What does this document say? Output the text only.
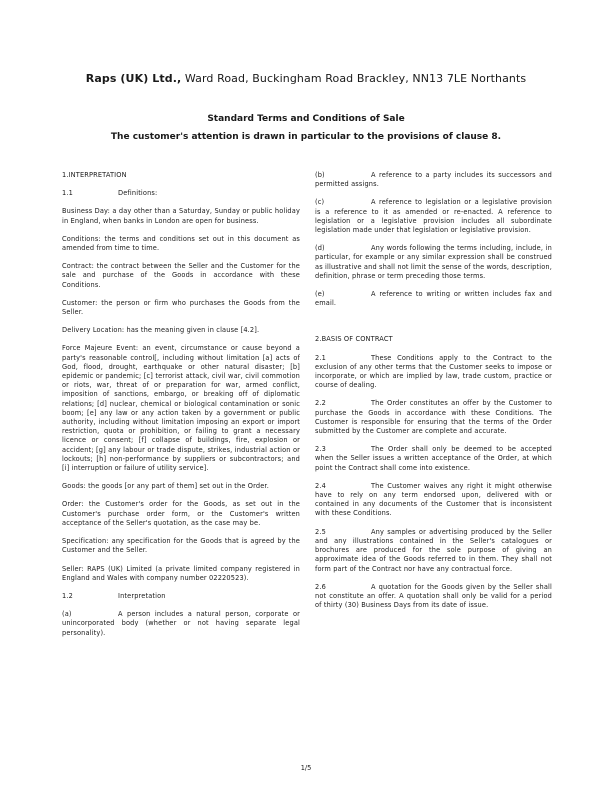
Raps (UK) Ltd., Ward Road, Buckingham Road Brackley, NN13 7LE Northants
Standard Terms and Conditions of Sale
The customer's attention is drawn in particular to the provisions of clause 8.

1.INTERPRETATION

1.1	Definitions:

Business Day: a day other than a Saturday, Sunday or public holiday in England, when banks in London are open for business.

Conditions: the terms and conditions set out in this document as amended from time to time.

Contract: the contract between the Seller and the Customer for the sale and purchase of the Goods in accordance with these Conditions.

Customer: the person or firm who purchases the Goods from the Seller.

Delivery Location: has the meaning given in clause [4.2].

Force Majeure Event: an event, circumstance or cause beyond a party's reasonable control[, including without limitation [a] acts of God, flood, drought, earthquake or other natural disaster; [b] epidemic or pandemic; [c] terrorist attack, civil war, civil commotion or riots, war, threat of or preparation for war, armed conflict, imposition of sanctions, embargo, or breaking off of diplomatic relations; [d] nuclear, chemical or biological contamination or sonic boom; [e] any law or any action taken by a government or public authority, including without limitation imposing an export or import restriction, quota or prohibition, or failing to grant a necessary licence or consent; [f] collapse of buildings, fire, explosion or accident; [g] any labour or trade dispute, strikes, industrial action or lockouts; [h] non-performance by suppliers or subcontractors; and [i] interruption or failure of utility service].

Goods: the goods [or any part of them] set out in the Order.

Order: the Customer's order for the Goods, as set out in the Customer's purchase order form, or the Customer's written acceptance of the Seller's quotation, as the case may be.

Specification: any specification for the Goods that is agreed by the Customer and the Seller.

Seller: RAPS (UK) Limited (a private limited company registered in England and Wales with company number 02220523).

1.2	Interpretation

(a)	A person includes a natural person, corporate or unincorporated body (whether or not having separate legal personality).

(b)	A reference to a party includes its successors and permitted assigns.

(c)	A reference to legislation or a legislative provision is a reference to it as amended or re-enacted. A reference to legislation or a legislative provision includes all subordinate legislation made under that legislation or legislative provision.

(d)	Any words following the terms including, include, in particular, for example or any similar expression shall be construed as illustrative and shall not limit the sense of the words, description, definition, phrase or term preceding those terms.

(e)	A reference to writing or written includes fax and email.

2.BASIS OF CONTRACT

2.1	These Conditions apply to the Contract to the exclusion of any other terms that the Customer seeks to impose or incorporate, or which are implied by law, trade custom, practice or course of dealing.

2.2	The Order constitutes an offer by the Customer to purchase the Goods in accordance with these Conditions. The Customer is responsible for ensuring that the terms of the Order submitted by the Customer are complete and accurate.

2.3	The Order shall only be deemed to be accepted when the Seller issues a written acceptance of the Order, at which point the Contract shall come into existence.

2.4	The Customer waives any right it might otherwise have to rely on any term endorsed upon, delivered with or contained in any documents of the Customer that is inconsistent with these Conditions.

2.5	Any samples or advertising produced by the Seller and any illustrations contained in the Seller's catalogues or brochures are produced for the sole purpose of giving an approximate idea of the Goods referred to in them. They shall not form part of the Contract nor have any contractual force.

2.6	A quotation for the Goods given by the Seller shall not constitute an offer. A quotation shall only be valid for a period of thirty (30) Business Days from its date of issue.

1/5
